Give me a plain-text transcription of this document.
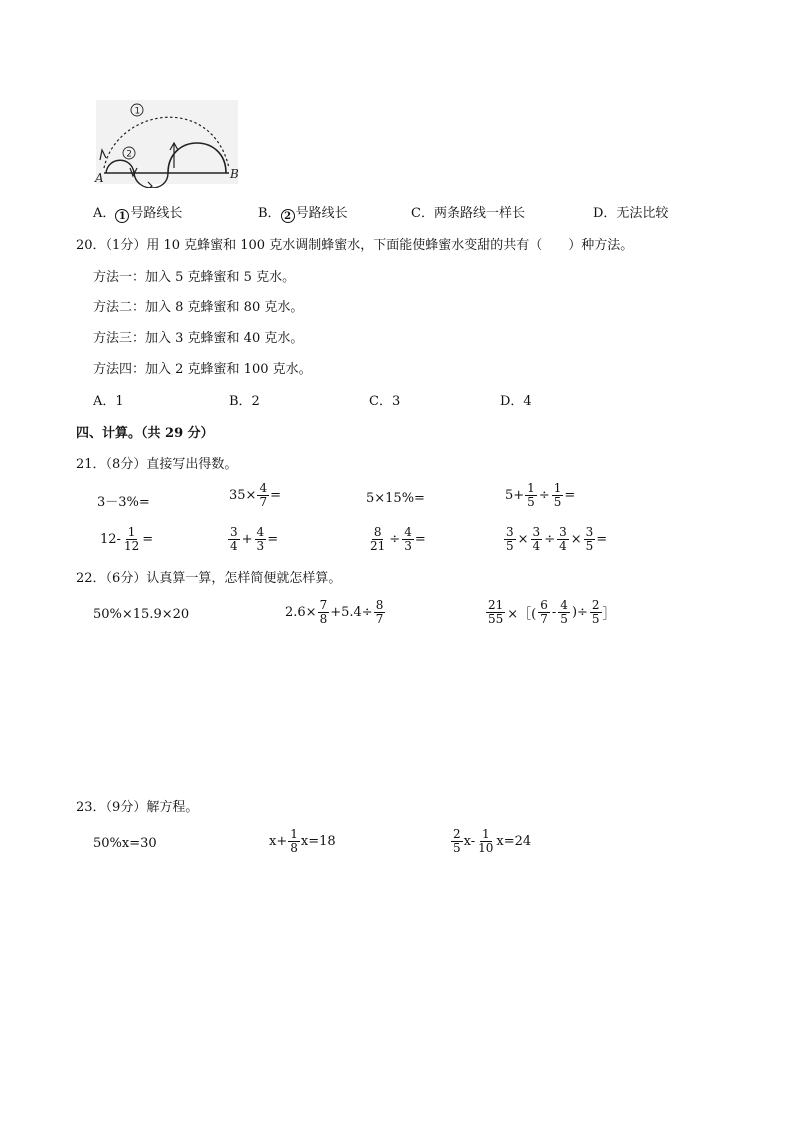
1
2
A	B
A． 1 号路线长	B． 2 号路线长	C．两条路线一样长	D．无法比较
20．（1分）用 10 克蜂蜜和 100 克水调制蜂蜜水，下面能使蜂蜜水变甜的共有（　　）种方法。
方法一：加入 5 克蜂蜜和 5 克水。
方法二：加入 8 克蜂蜜和 80 克水。
方法三：加入 3 克蜂蜜和 40 克水。
方法四：加入 2 克蜂蜜和 100 克水。
A．1	B．2	C．3	D．4
四、计算。（共 29 分）
21．（8分）直接写出得数。
3－3%=	$35\times \frac{4}{7}$ =	5×15%=	$5+ \frac{1}{5} \div \frac{1}{5}$ =
$12- \frac{1}{12}$ =	$\frac{3}{4} + \frac{4}{3}$ =	$\frac{8}{21} \div \frac{4}{3}$ =	$\frac{3}{5} \times \frac{3}{4} \div \frac{3}{4} \times \frac{3}{5}$ =
22．（6分）认真算一算，怎样简便就怎样算。
50%×15.9×20	$2.6\times \frac{7}{8} +5.4\div \frac{8}{7}$	$\frac{21}{55}$ ×［( $\frac{6}{7} - \frac{4}{5}$ )÷ $\frac{2}{5}$ ］
23．（9分）解方程。
50%x=30	$x+ \frac{1}{8} x=18$	$\frac{2}{5} x- \frac{1}{10} x=24$
